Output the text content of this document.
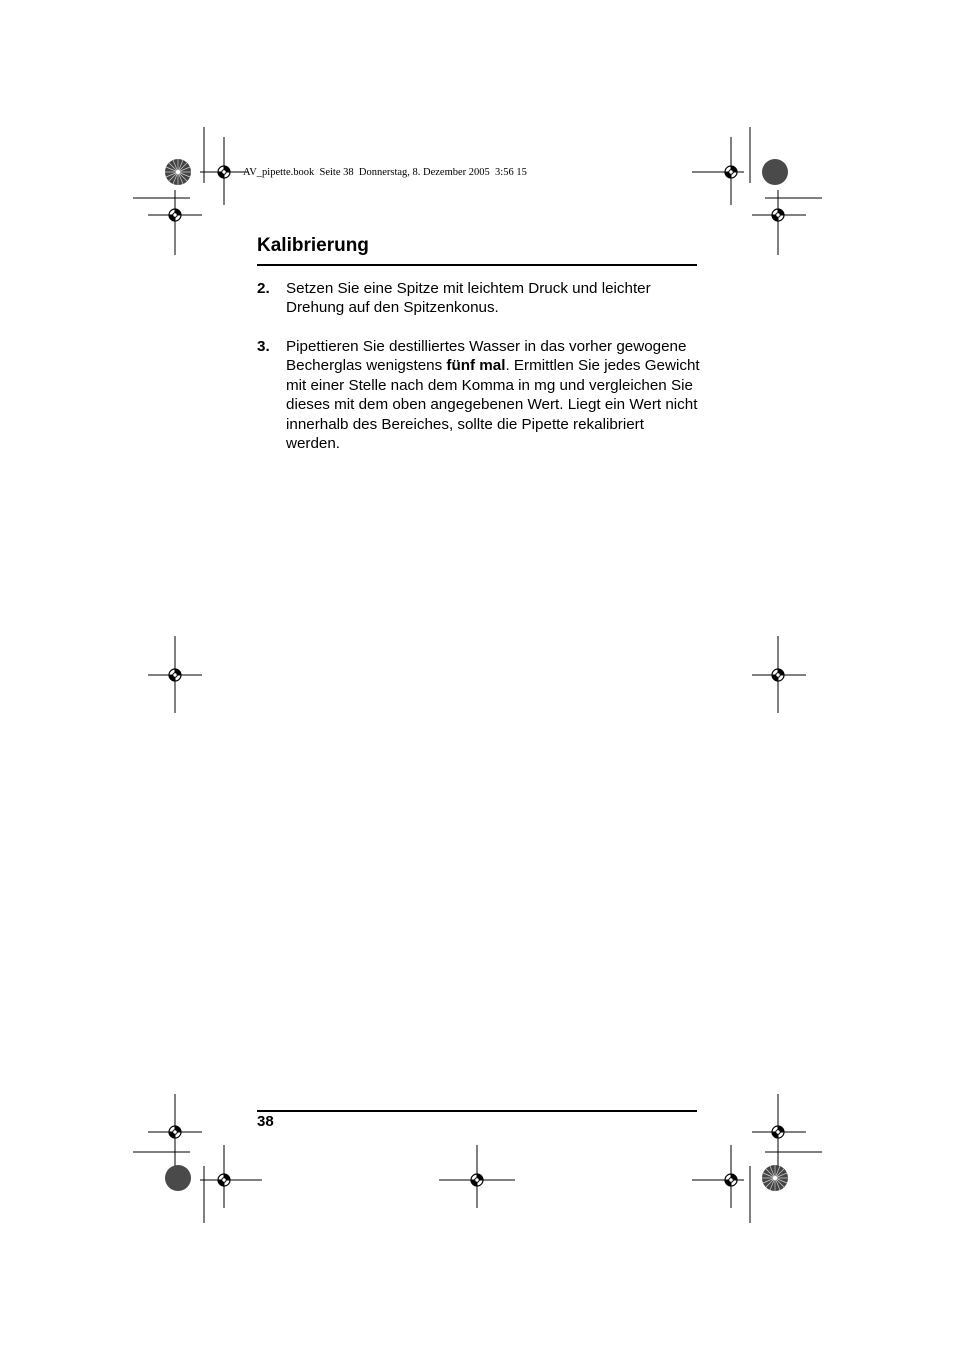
AV_pipette.book  Seite 38  Donnerstag, 8. Dezember 2005  3:56 15
Kalibrierung
2. Setzen Sie eine Spitze mit leichtem Druck und leichter Drehung auf den Spitzenkonus.
3. Pipettieren Sie destilliertes Wasser in das vorher gewogene Becherglas wenigstens fünf mal. Ermittlen Sie jedes Gewicht mit einer Stelle nach dem Komma in mg und vergleichen Sie dieses mit dem oben angegebenen Wert. Liegt ein Wert nicht innerhalb des Bereiches, sollte die Pipette rekalibriert werden.
38
